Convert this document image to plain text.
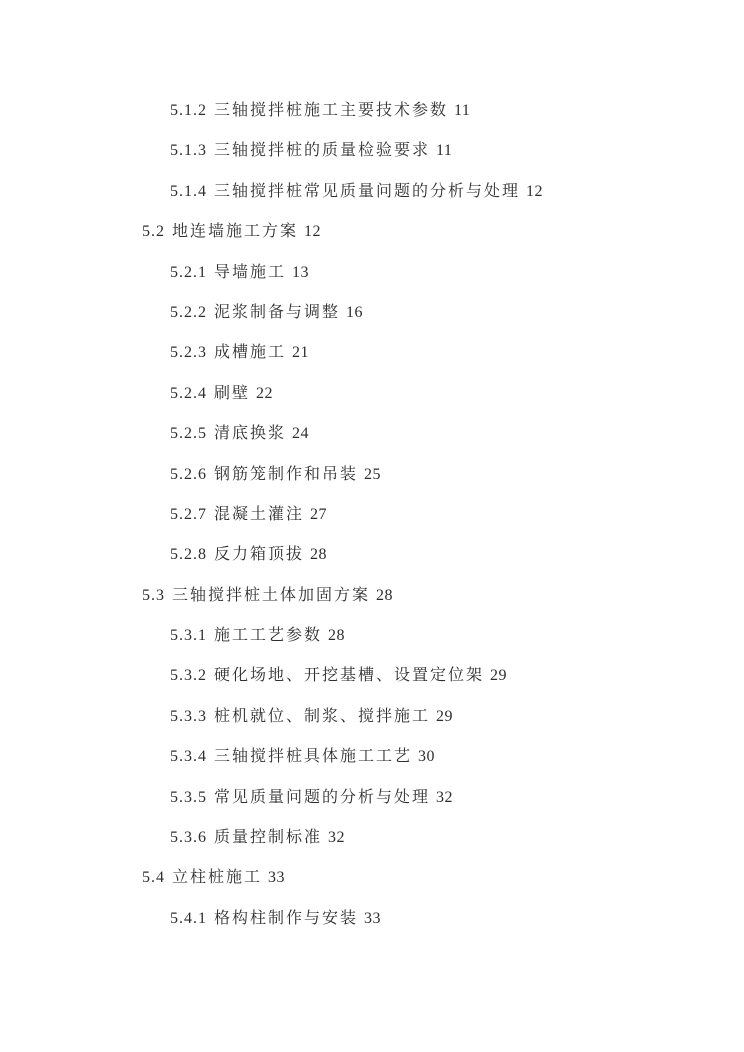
5.1.2 三轴搅拌桩施工主要技术参数 11
5.1.3 三轴搅拌桩的质量检验要求 11
5.1.4 三轴搅拌桩常见质量问题的分析与处理 12
5.2 地连墙施工方案 12
5.2.1 导墙施工 13
5.2.2 泥浆制备与调整 16
5.2.3 成槽施工 21
5.2.4 刷壁 22
5.2.5 清底换浆 24
5.2.6 钢筋笼制作和吊装 25
5.2.7 混凝土灌注 27
5.2.8 反力箱顶拔 28
5.3 三轴搅拌桩土体加固方案 28
5.3.1 施工工艺参数 28
5.3.2 硬化场地、开挖基槽、设置定位架 29
5.3.3 桩机就位、制浆、搅拌施工 29
5.3.4 三轴搅拌桩具体施工工艺 30
5.3.5 常见质量问题的分析与处理 32
5.3.6 质量控制标准 32
5.4 立柱桩施工 33
5.4.1 格构柱制作与安装 33
